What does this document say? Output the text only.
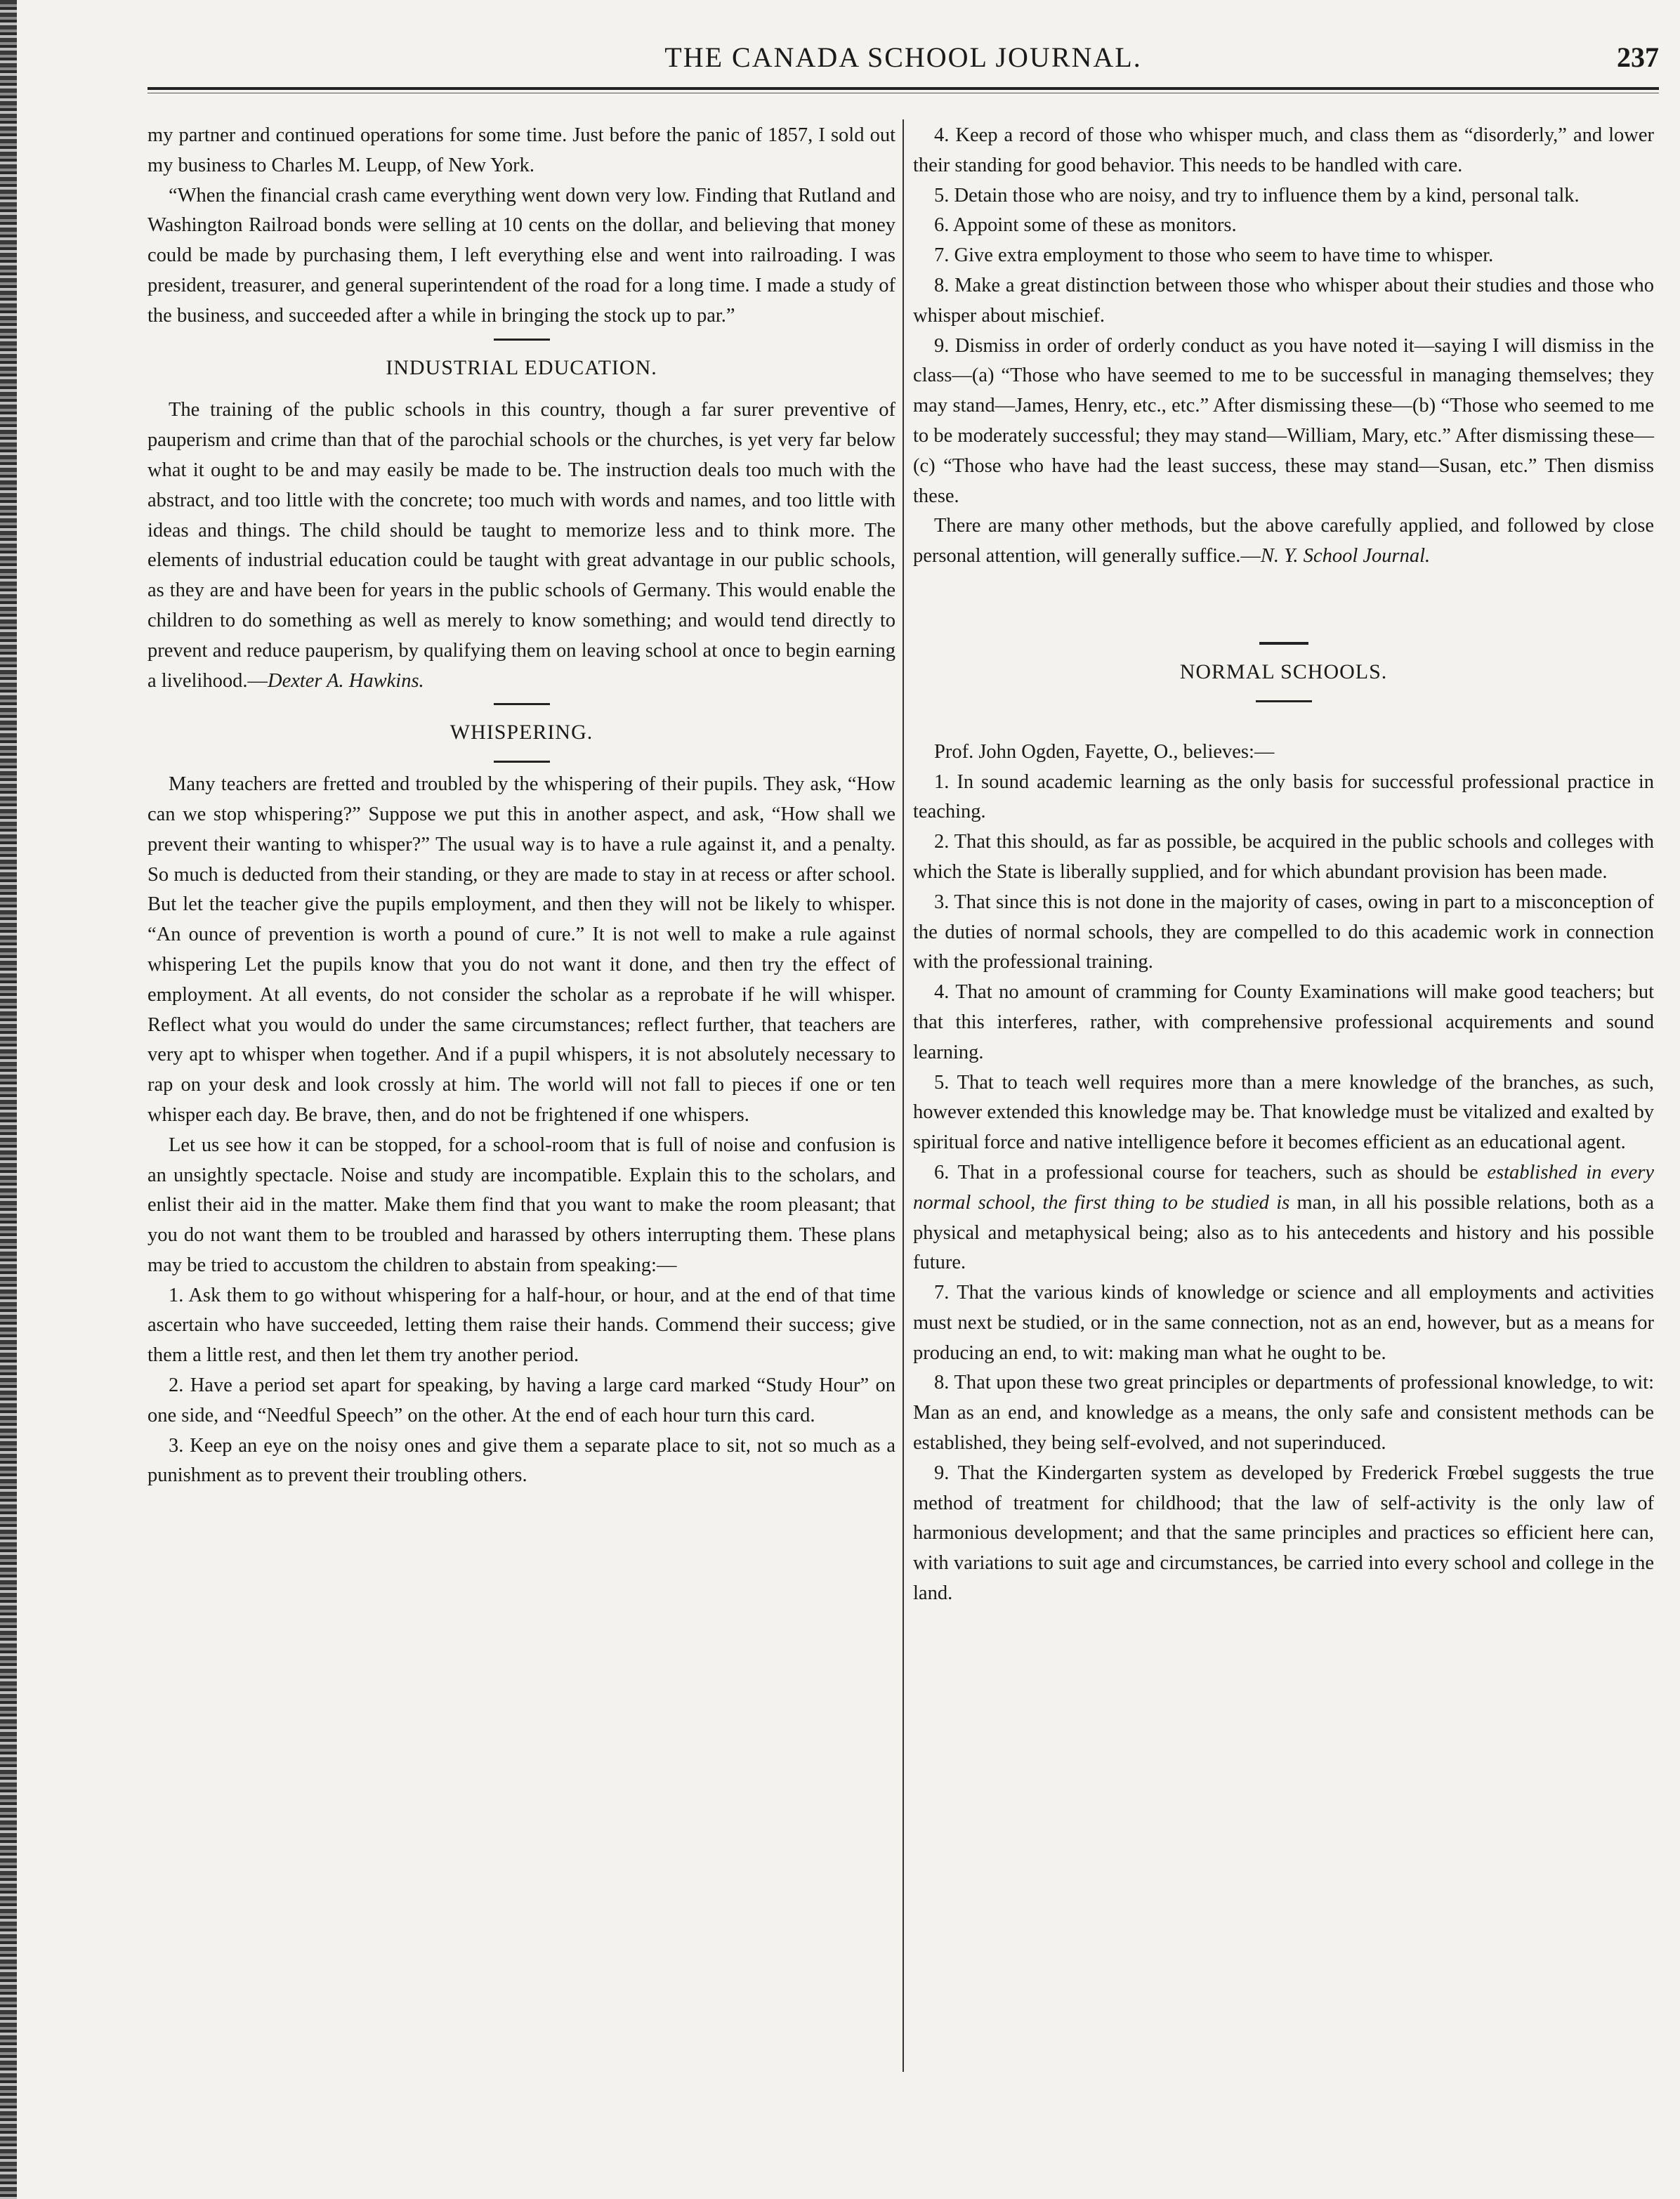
THE CANADA SCHOOL JOURNAL.	237

my partner and continued operations for some time. Just before the panic of 1857, I sold out my business to Charles M. Leupp, of New York.

“When the financial crash came everything went down very low. Finding that Rutland and Washington Railroad bonds were selling at 10 cents on the dollar, and believing that money could be made by purchasing them, I left everything else and went into railroading. I was president, treasurer, and general superintendent of the road for a long time. I made a study of the business, and succeeded after a while in bringing the stock up to par.”

INDUSTRIAL EDUCATION.

The training of the public schools in this country, though a far surer preventive of pauperism and crime than that of the parochial schools or the churches, is yet very far below what it ought to be and may easily be made to be. The instruction deals too much with the abstract, and too little with the concrete; too much with words and names, and too little with ideas and things. The child should be taught to memorize less and to think more. The elements of industrial education could be taught with great advantage in our public schools, as they are and have been for years in the public schools of Germany. This would enable the children to do something as well as merely to know something; and would tend directly to prevent and reduce pauperism, by qualifying them on leaving school at once to begin earning a livelihood.—Dexter A. Hawkins.

WHISPERING.

Many teachers are fretted and troubled by the whispering of their pupils. They ask, “How can we stop whispering?” Suppose we put this in another aspect, and ask, “How shall we prevent their wanting to whisper?” The usual way is to have a rule against it, and a penalty. So much is deducted from their standing, or they are made to stay in at recess or after school. But let the teacher give the pupils employment, and then they will not be likely to whisper. “An ounce of prevention is worth a pound of cure.” It is not well to make a rule against whispering Let the pupils know that you do not want it done, and then try the effect of employment. At all events, do not consider the scholar as a reprobate if he will whisper. Reflect what you would do under the same circumstances; reflect further, that teachers are very apt to whisper when together. And if a pupil whispers, it is not absolutely necessary to rap on your desk and look crossly at him. The world will not fall to pieces if one or ten whisper each day. Be brave, then, and do not be frightened if one whispers.

Let us see how it can be stopped, for a school-room that is full of noise and confusion is an unsightly spectacle. Noise and study are incompatible. Explain this to the scholars, and enlist their aid in the matter. Make them find that you want to make the room pleasant; that you do not want them to be troubled and harassed by others interrupting them. These plans may be tried to accustom the children to abstain from speaking:—

1. Ask them to go without whispering for a half-hour, or hour, and at the end of that time ascertain who have succeeded, letting them raise their hands. Commend their success; give them a little rest, and then let them try another period.

2. Have a period set apart for speaking, by having a large card marked “Study Hour” on one side, and “Needful Speech” on the other. At the end of each hour turn this card.

3. Keep an eye on the noisy ones and give them a separate place to sit, not so much as a punishment as to prevent their troubling others.

4. Keep a record of those who whisper much, and class them as “disorderly,” and lower their standing for good behavior. This needs to be handled with care.

5. Detain those who are noisy, and try to influence them by a kind, personal talk.

6. Appoint some of these as monitors.

7. Give extra employment to those who seem to have time to whisper.

8. Make a great distinction between those who whisper about their studies and those who whisper about mischief.

9. Dismiss in order of orderly conduct as you have noted it—saying I will dismiss in the class—(a) “Those who have seemed to me to be successful in managing themselves; they may stand—James, Henry, etc., etc.” After dismissing these—(b) “Those who seemed to me to be moderately successful; they may stand—William, Mary, etc.” After dismissing these—(c) “Those who have had the least success, these may stand—Susan, etc.” Then dismiss these.

There are many other methods, but the above carefully applied, and followed by close personal attention, will generally suffice.—N. Y. School Journal.

NORMAL SCHOOLS.

Prof. John Ogden, Fayette, O., believes:—

1. In sound academic learning as the only basis for successful professional practice in teaching.

2. That this should, as far as possible, be acquired in the public schools and colleges with which the State is liberally supplied, and for which abundant provision has been made.

3. That since this is not done in the majority of cases, owing in part to a misconception of the duties of normal schools, they are compelled to do this academic work in connection with the professional training.

4. That no amount of cramming for County Examinations will make good teachers; but that this interferes, rather, with comprehensive professional acquirements and sound learning.

5. That to teach well requires more than a mere knowledge of the branches, as such, however extended this knowledge may be. That knowledge must be vitalized and exalted by spiritual force and native intelligence before it becomes efficient as an educational agent.

6. That in a professional course for teachers, such as should be established in every normal school, the first thing to be studied is man, in all his possible relations, both as a physical and metaphysical being; also as to his antecedents and history and his possible future.

7. That the various kinds of knowledge or science and all employments and activities must next be studied, or in the same connection, not as an end, however, but as a means for producing an end, to wit: making man what he ought to be.

8. That upon these two great principles or departments of professional knowledge, to wit: Man as an end, and knowledge as a means, the only safe and consistent methods can be established, they being self-evolved, and not superinduced.

9. That the Kindergarten system as developed by Frederick Frœbel suggests the true method of treatment for childhood; that the law of self-activity is the only law of harmonious development; and that the same principles and practices so efficient here can, with variations to suit age and circumstances, be carried into every school and college in the land.
